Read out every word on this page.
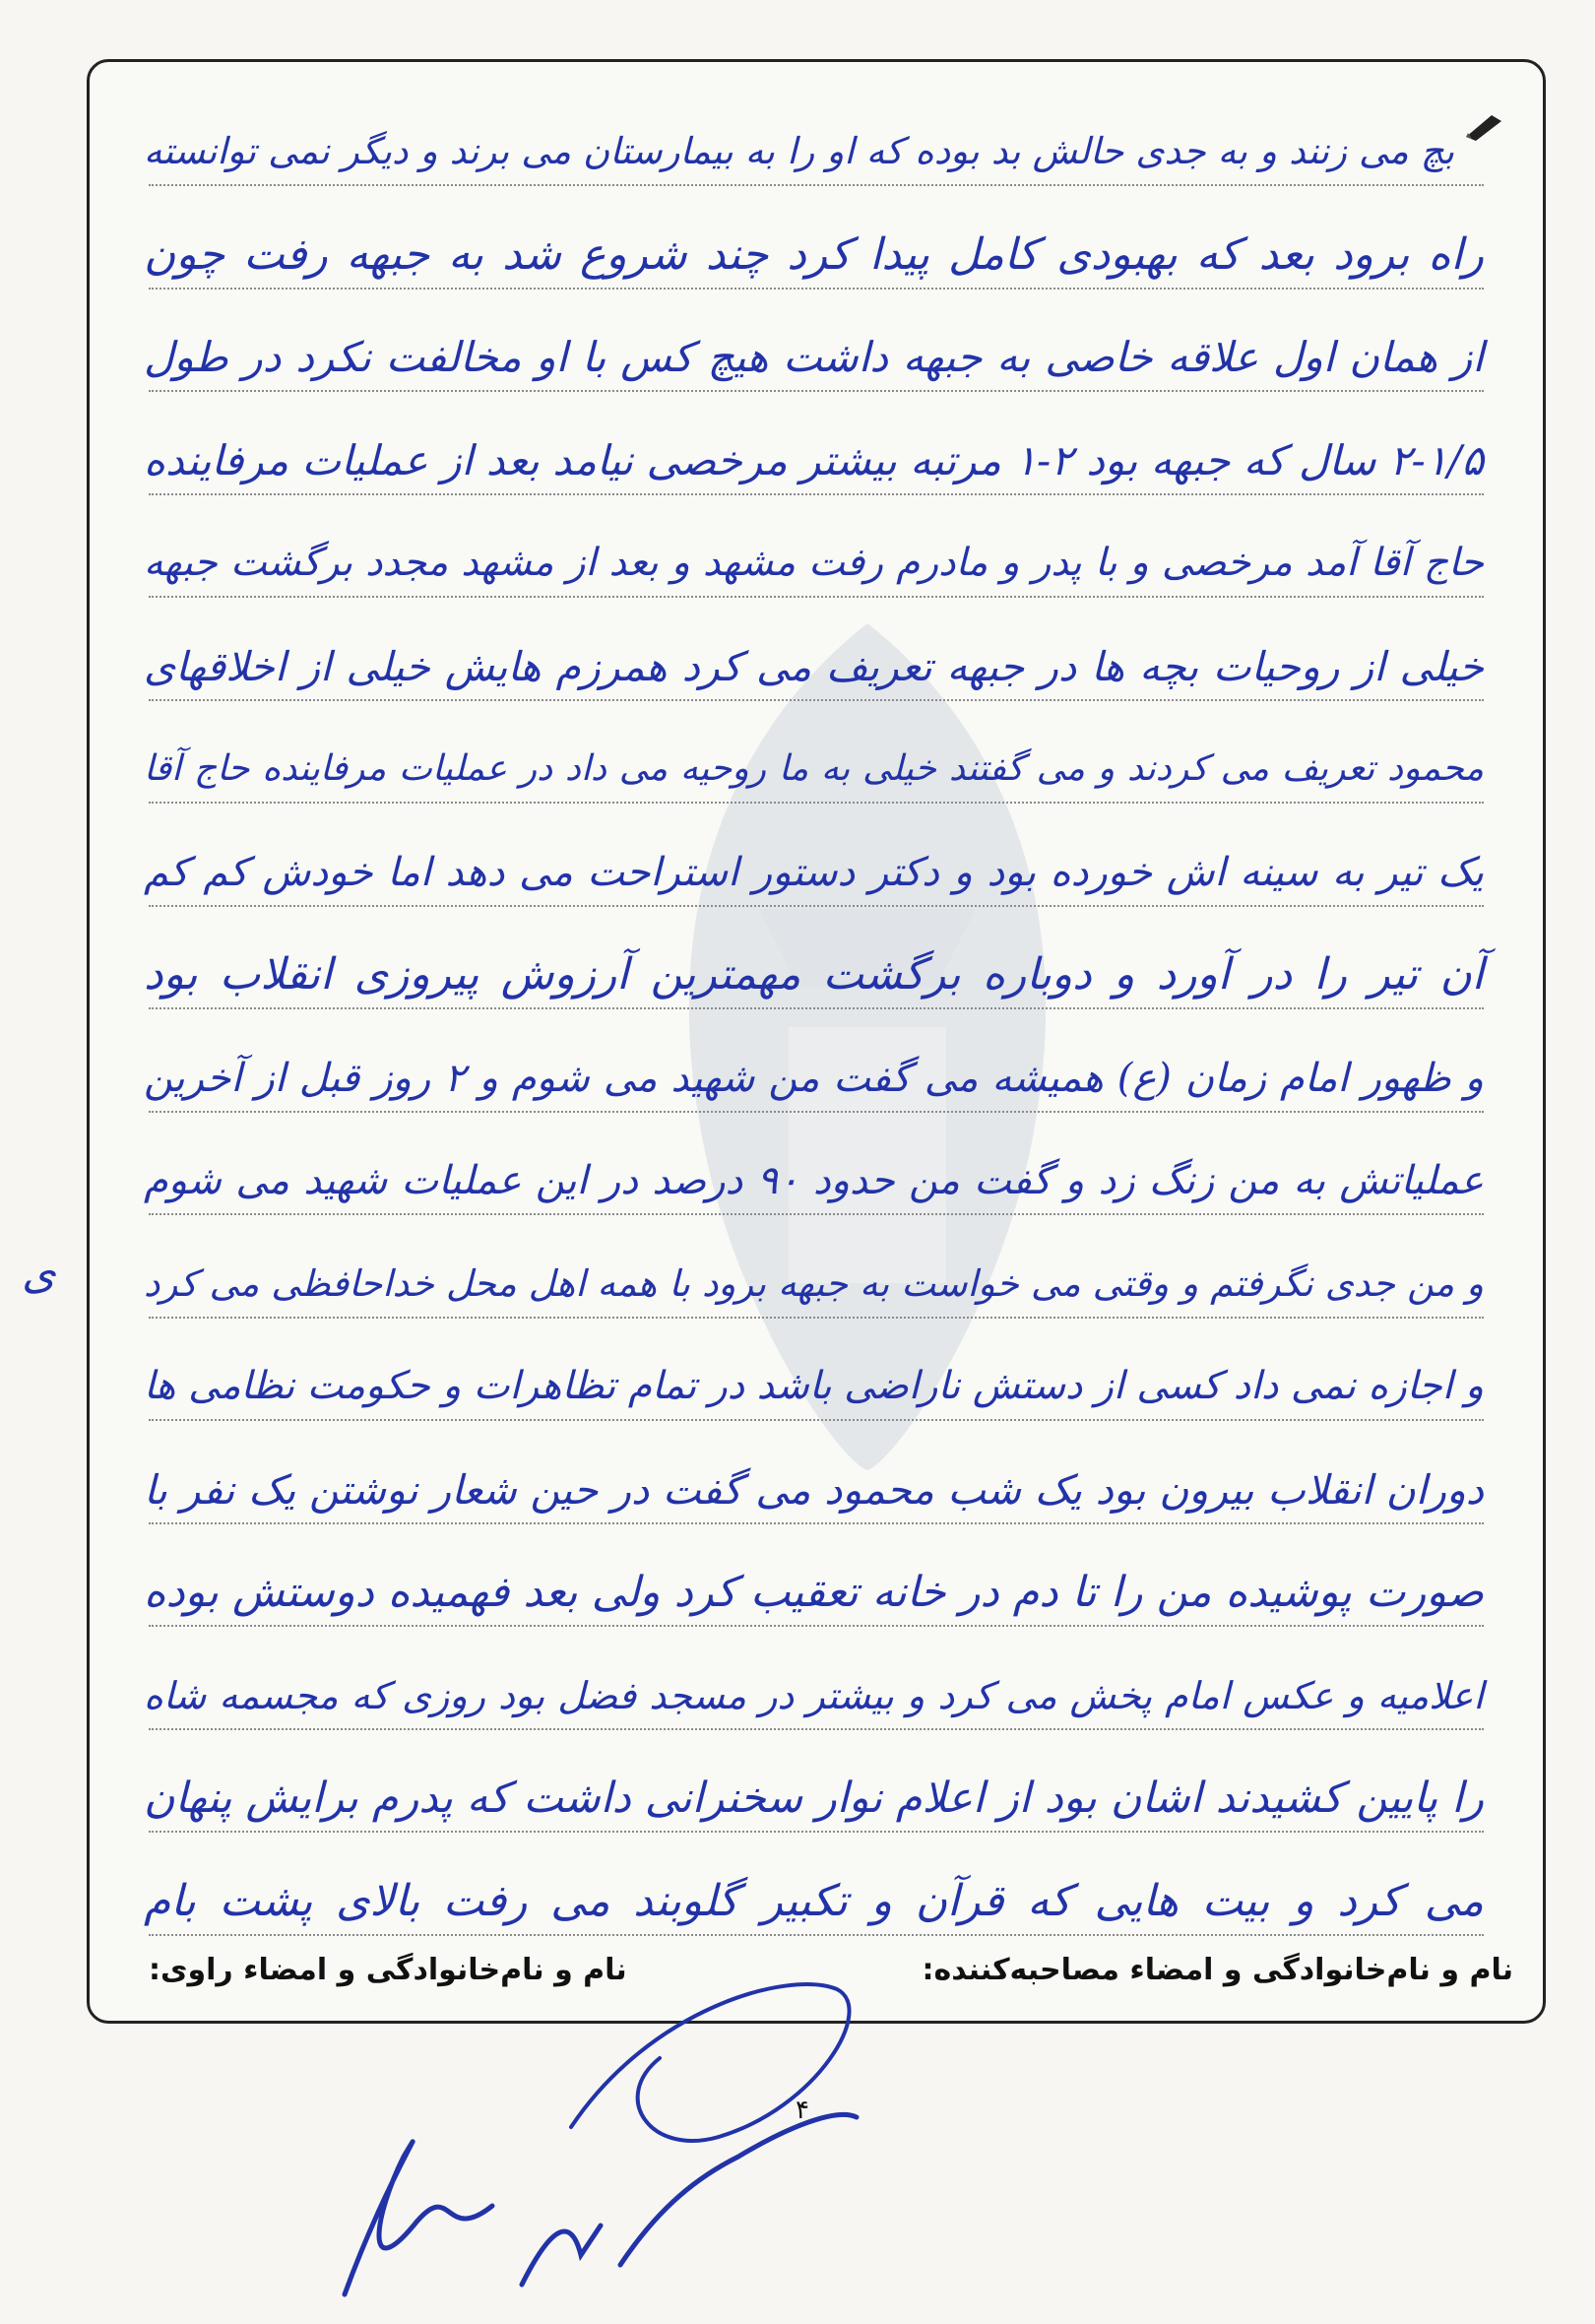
بچ می زنند و به جدی حالش بد بوده که او را به بیمارستان می برند و دیگر نمی توانسته
راه برود بعد که بهبودی کامل پیدا کرد چند شروع شد به جبهه رفت چون
از همان اول علاقه خاصی به جبهه داشت هیچ کس با او مخالفت نکرد در طول
۲-۱/۵ سال که جبهه بود ۲-۱ مرتبه بیشتر مرخصی نیامد بعد از عملیات مرفاینده
حاج آقا آمد مرخصی و با پدر و مادرم رفت مشهد و بعد از مشهد مجدد برگشت جبهه
خیلی از روحیات بچه ها در جبهه تعریف می کرد همرزم هایش خیلی از اخلاقهای
محمود تعریف می کردند و می گفتند خیلی به ما روحیه می داد در عملیات مرفاینده حاج آقا
یک تیر به سینه اش خورده بود و دکتر دستور استراحت می دهد اما خودش کم کم
آن تیر را در آورد و دوباره برگشت مهمترین آرزوش پیروزی انقلاب بود
و ظهور امام زمان (ع) همیشه می گفت من شهید می شوم و ۲ روز قبل از آخرین
عملیاتش به من زنگ زد و گفت من حدود ۹۰ درصد در این عملیات شهید می شوم
و من جدی نگرفتم و وقتی می خواست به جبهه برود با همه اهل محل خداحافظی می کرد
و اجازه نمی داد کسی از دستش ناراضی باشد در تمام تظاهرات و حکومت نظامی ها
دوران انقلاب بیرون بود یک شب محمود می گفت در حین شعار نوشتن یک نفر با
صورت پوشیده من را تا دم در خانه تعقیب کرد ولی بعد فهمیده دوستش بوده
اعلامیه و عکس امام پخش می کرد و بیشتر در مسجد فضل بود روزی که مجسمه شاه
را پایین کشیدند اشان بود از اعلام نوار سخنرانی داشت که پدرم برایش پنهان
می کرد و بیت هایی که قرآن و تکبیر گلوبند می رفت بالای پشت بام
نام و نام‌خانوادگی و امضاء مصاحبه‌کننده:
نام و نام‌خانوادگی و امضاء راوی:
ی
۴
